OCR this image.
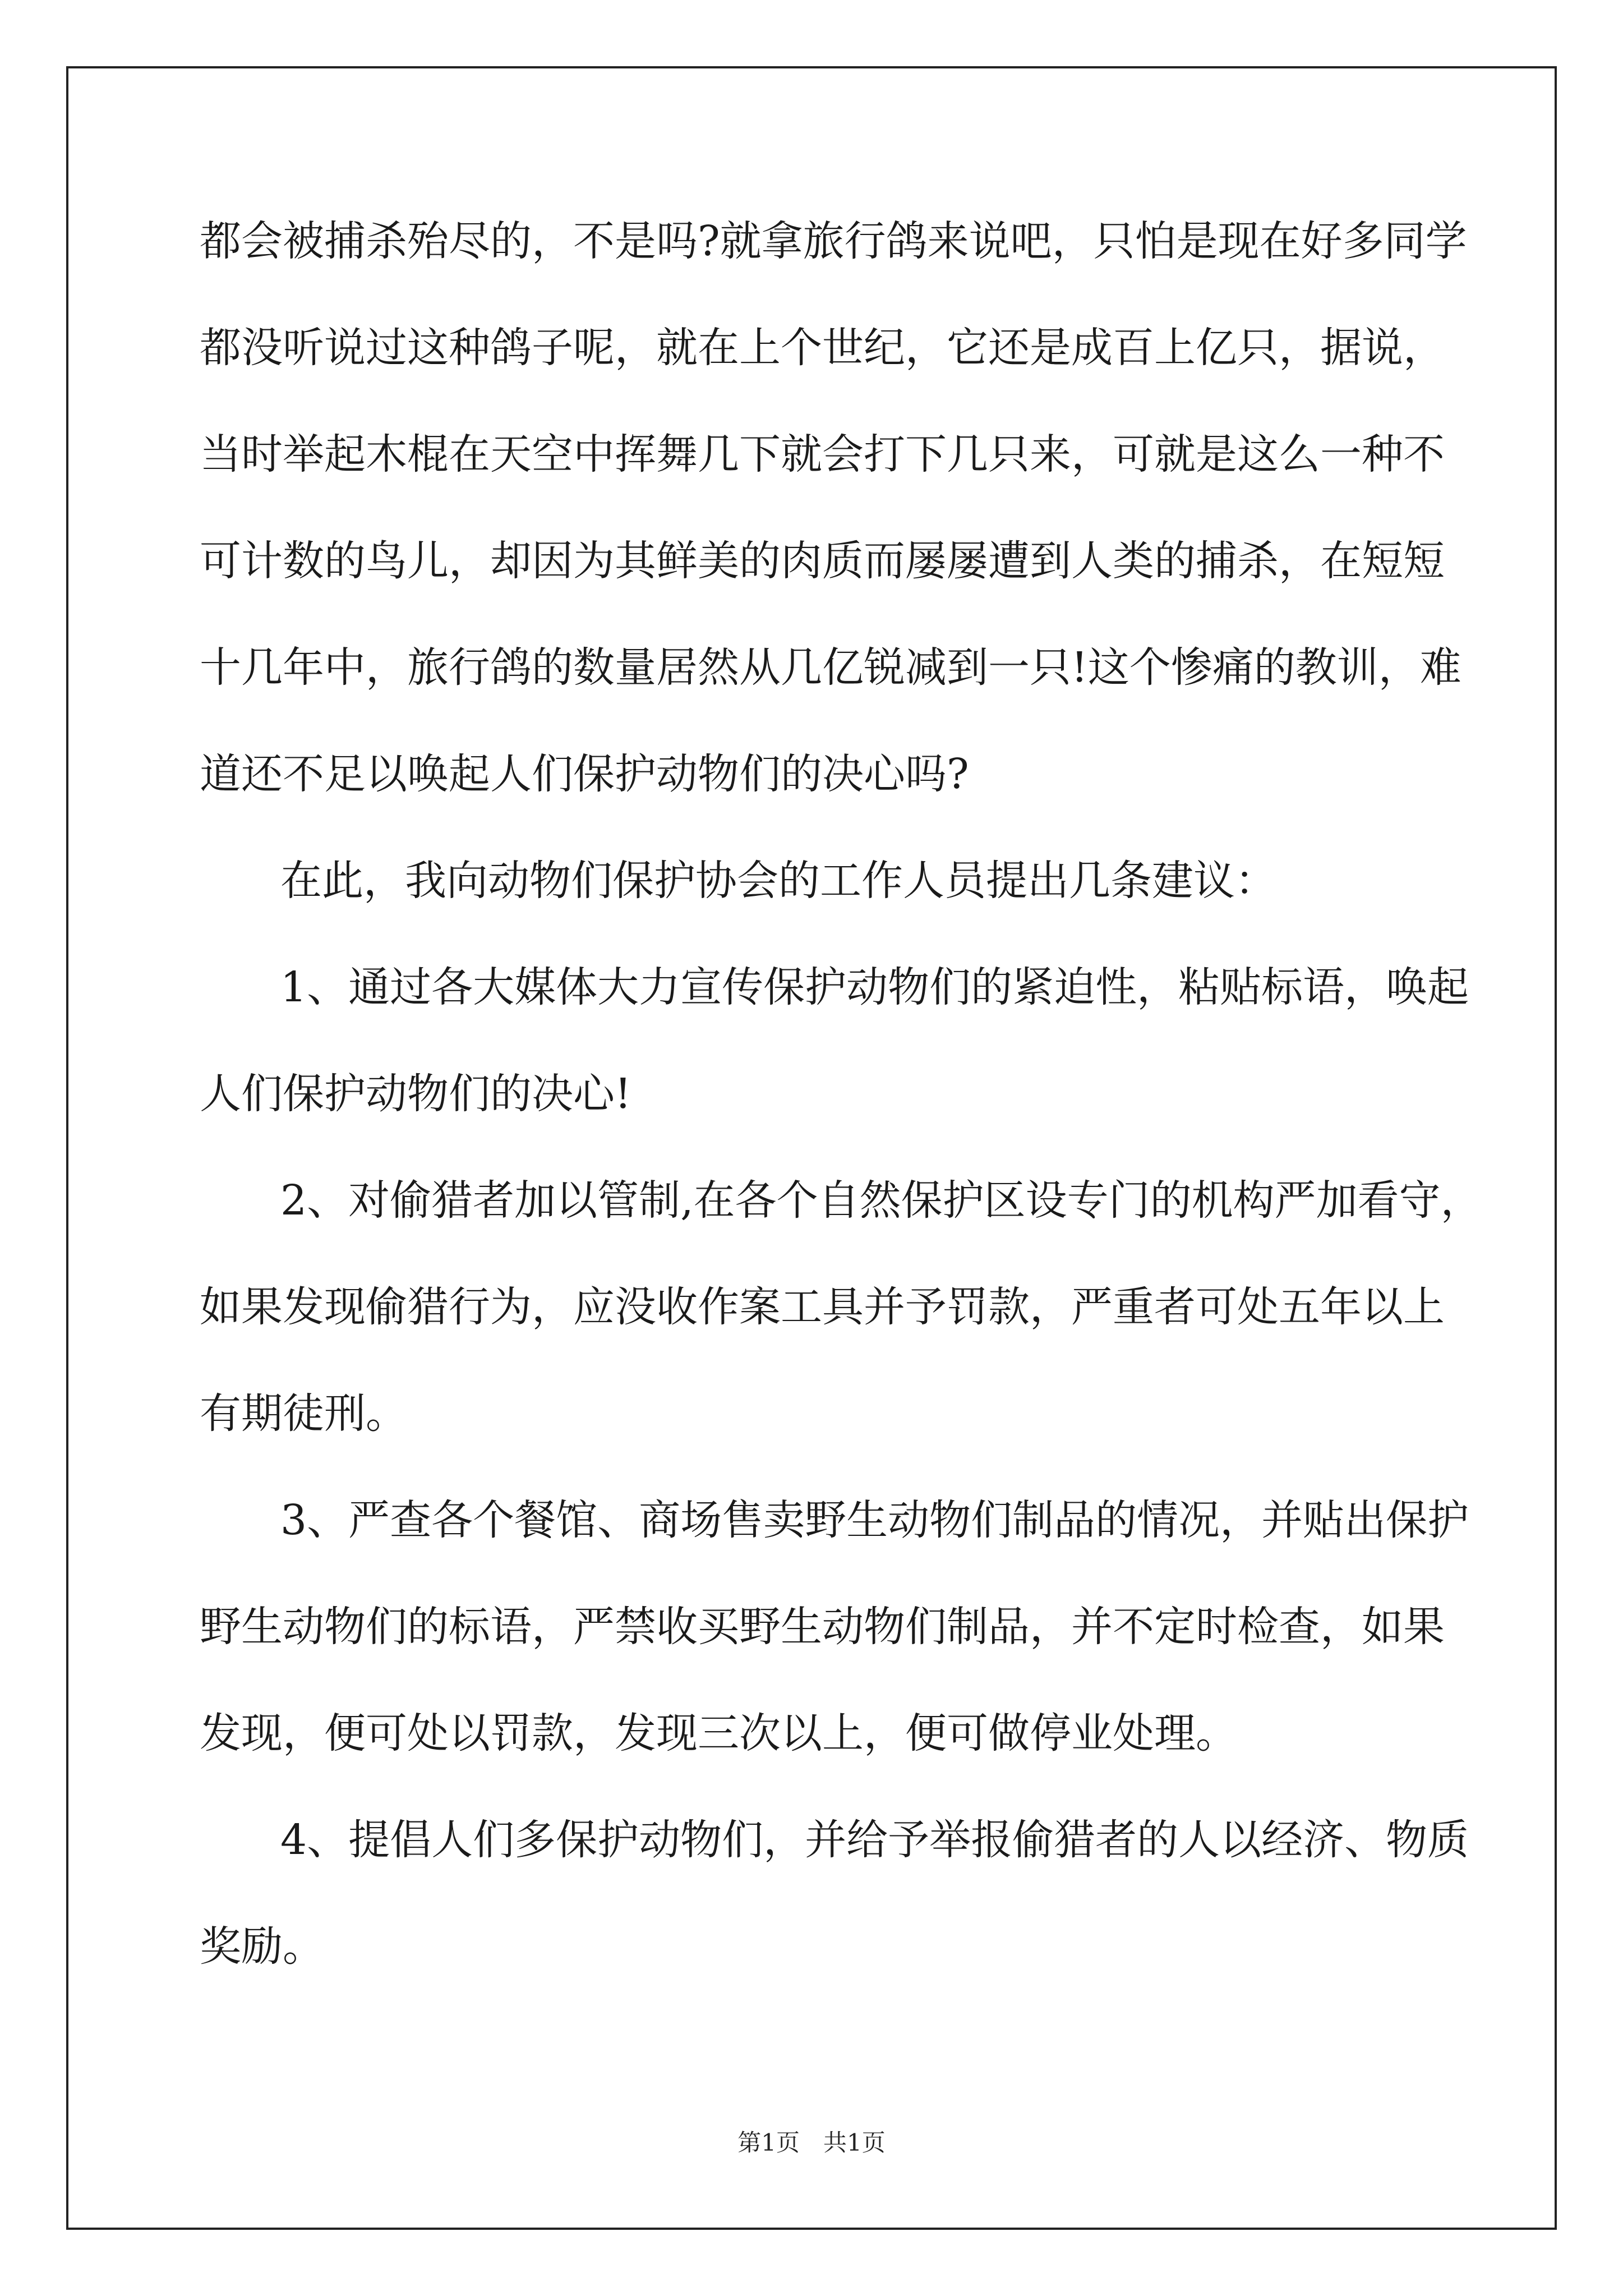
都会被捕杀殆尽的，不是吗?就拿旅行鸽来说吧，只怕是现在好多同学
都没听说过这种鸽子呢，就在上个世纪，它还是成百上亿只，据说，
当时举起木棍在天空中挥舞几下就会打下几只来，可就是这么一种不
可计数的鸟儿，却因为其鲜美的肉质而屡屡遭到人类的捕杀，在短短
十几年中，旅行鸽的数量居然从几亿锐减到一只!这个惨痛的教训，难
道还不足以唤起人们保护动物们的决心吗?
在此，我向动物们保护协会的工作人员提出几条建议：
1、通过各大媒体大力宣传保护动物们的紧迫性，粘贴标语，唤起
人们保护动物们的决心!
2、对偷猎者加以管制,在各个自然保护区设专门的机构严加看守，
如果发现偷猎行为，应没收作案工具并予罚款，严重者可处五年以上
有期徒刑。
3、严查各个餐馆、商场售卖野生动物们制品的情况，并贴出保护
野生动物们的标语，严禁收买野生动物们制品，并不定时检查，如果
发现，便可处以罚款，发现三次以上，便可做停业处理。
4、提倡人们多保护动物们，并给予举报偷猎者的人以经济、物质
奖励。
第1页　共1页
